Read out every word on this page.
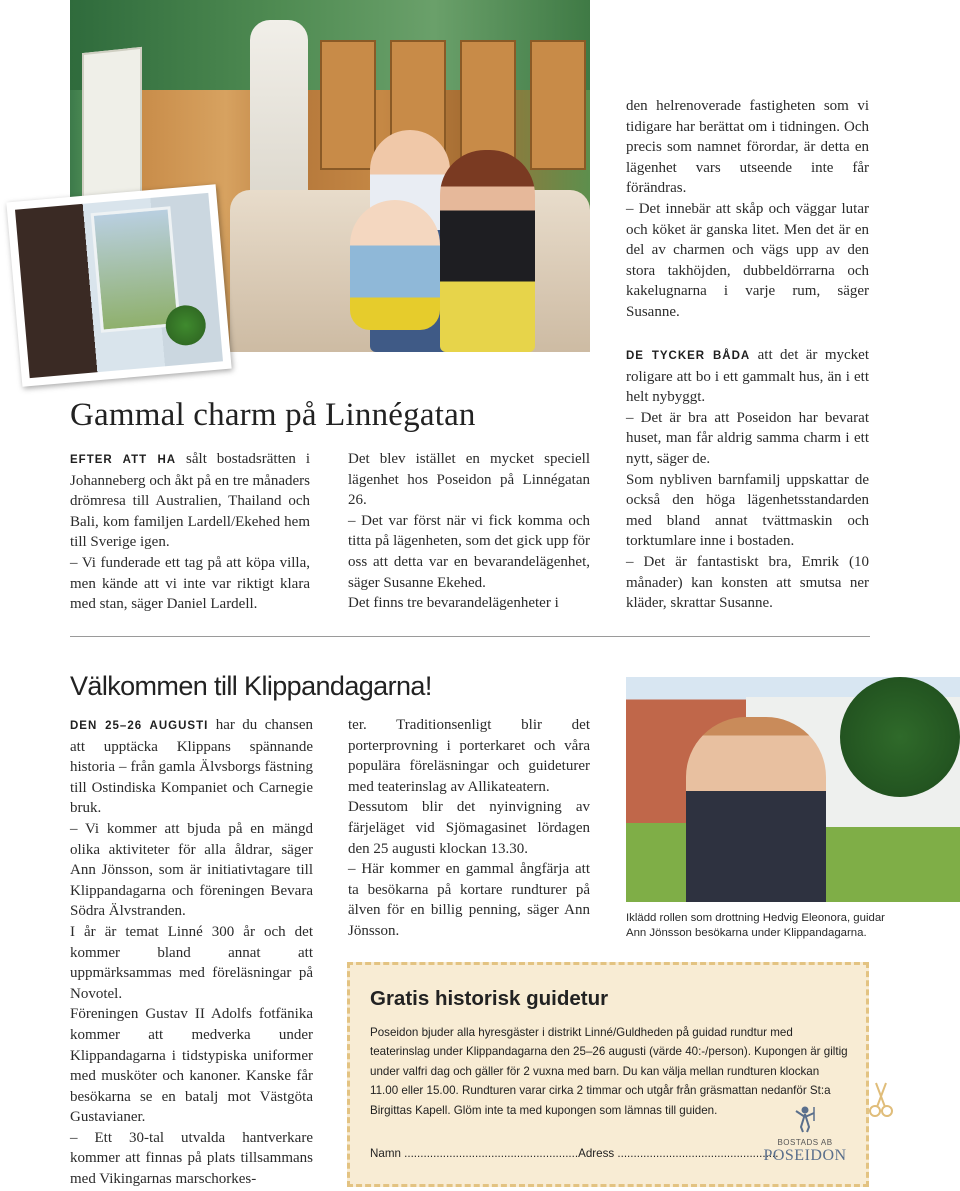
Gammal charm på Linnégatan

EFTER ATT HA sålt bostadsrätten i Johanneberg och åkt på en tre månaders drömresa till Australien, Thailand och Bali, kom familjen Lardell/Ekehed hem till Sverige igen.

– Vi funderade ett tag på att köpa villa, men kände att vi inte var riktigt klara med stan, säger Daniel Lardell.

Det blev istället en mycket speciell lägenhet hos Poseidon på Linnégatan 26.

– Det var först när vi fick komma och titta på lägenheten, som det gick upp för oss att detta var en bevarandelägenhet, säger Susanne Ekehed.

Det finns tre bevarandelägenheter i

den helrenoverade fastigheten som vi tidigare har berättat om i tidningen. Och precis som namnet förordar, är detta en lägenhet vars utseende inte får förändras.

– Det innebär att skåp och väggar lutar och köket är ganska litet. Men det är en del av charmen och vägs upp av den stora takhöjden, dubbeldörrarna och kakelugnarna i varje rum, säger Susanne.

DE TYCKER BÅDA att det är mycket roligare att bo i ett gammalt hus, än i ett helt nybyggt.

– Det är bra att Poseidon har bevarat huset, man får aldrig samma charm i ett nytt, säger de.

Som nybliven barnfamilj uppskattar de också den höga lägenhetsstandarden med bland annat tvättmaskin och torktumlare inne i bostaden.

– Det är fantastiskt bra, Emrik (10 månader) kan konsten att smutsa ner kläder, skrattar Susanne.

Välkommen till Klippandagarna!

DEN 25–26 AUGUSTI har du chansen att upptäcka Klippans spännande historia – från gamla Älvsborgs fästning till Ostindiska Kompaniet och Carnegie bruk.

– Vi kommer att bjuda på en mängd olika aktiviteter för alla åldrar, säger Ann Jönsson, som är initiativtagare till Klippandagarna och föreningen Bevara Södra Älvstranden.

I år är temat Linné 300 år och det kommer bland annat att uppmärksammas med föreläsningar på Novotel.

Föreningen Gustav II Adolfs fotfänika kommer att medverka under Klippandagarna i tidstypiska uniformer med musköter och kanoner. Kanske får besökarna se en batalj mot Västgöta Gustavianer.

– Ett 30-tal utvalda hantverkare kommer att finnas på plats tillsammans med Vikingarnas marschorkes-

ter. Traditionsenligt blir det porterprovning i porterkaret och våra populära föreläsningar och guideturer med teaterinslag av Allikateatern.

Dessutom blir det nyinvigning av färjeläget vid Sjömagasinet lördagen den 25 augusti klockan 13.30.

– Här kommer en gammal ångfärja att ta besökarna på kortare rundturer på älven för en billig penning, säger Ann Jönsson.

Iklädd rollen som drottning Hedvig Eleonora, guidar
Ann Jönsson besökarna under Klippandagarna.
Gratis historisk guidetur
Poseidon bjuder alla hyresgäster i distrikt Linné/Guldheden på guidad rundtur med teaterinslag under Klippandagarna den 25–26 augusti (värde 40:-/person). Kupongen är giltig under valfri dag och gäller för 2 vuxna med barn. Du kan välja mellan rundturen klockan 11.00 eller 15.00. Rundturen varar cirka 2 timmar och utgår från gräsmattan nedanför St:a Birgittas Kapell. Glöm inte ta med kupongen som lämnas till guiden.
Namn ......................................................Adress ..................................................
BOSTADS AB
POSEIDON
